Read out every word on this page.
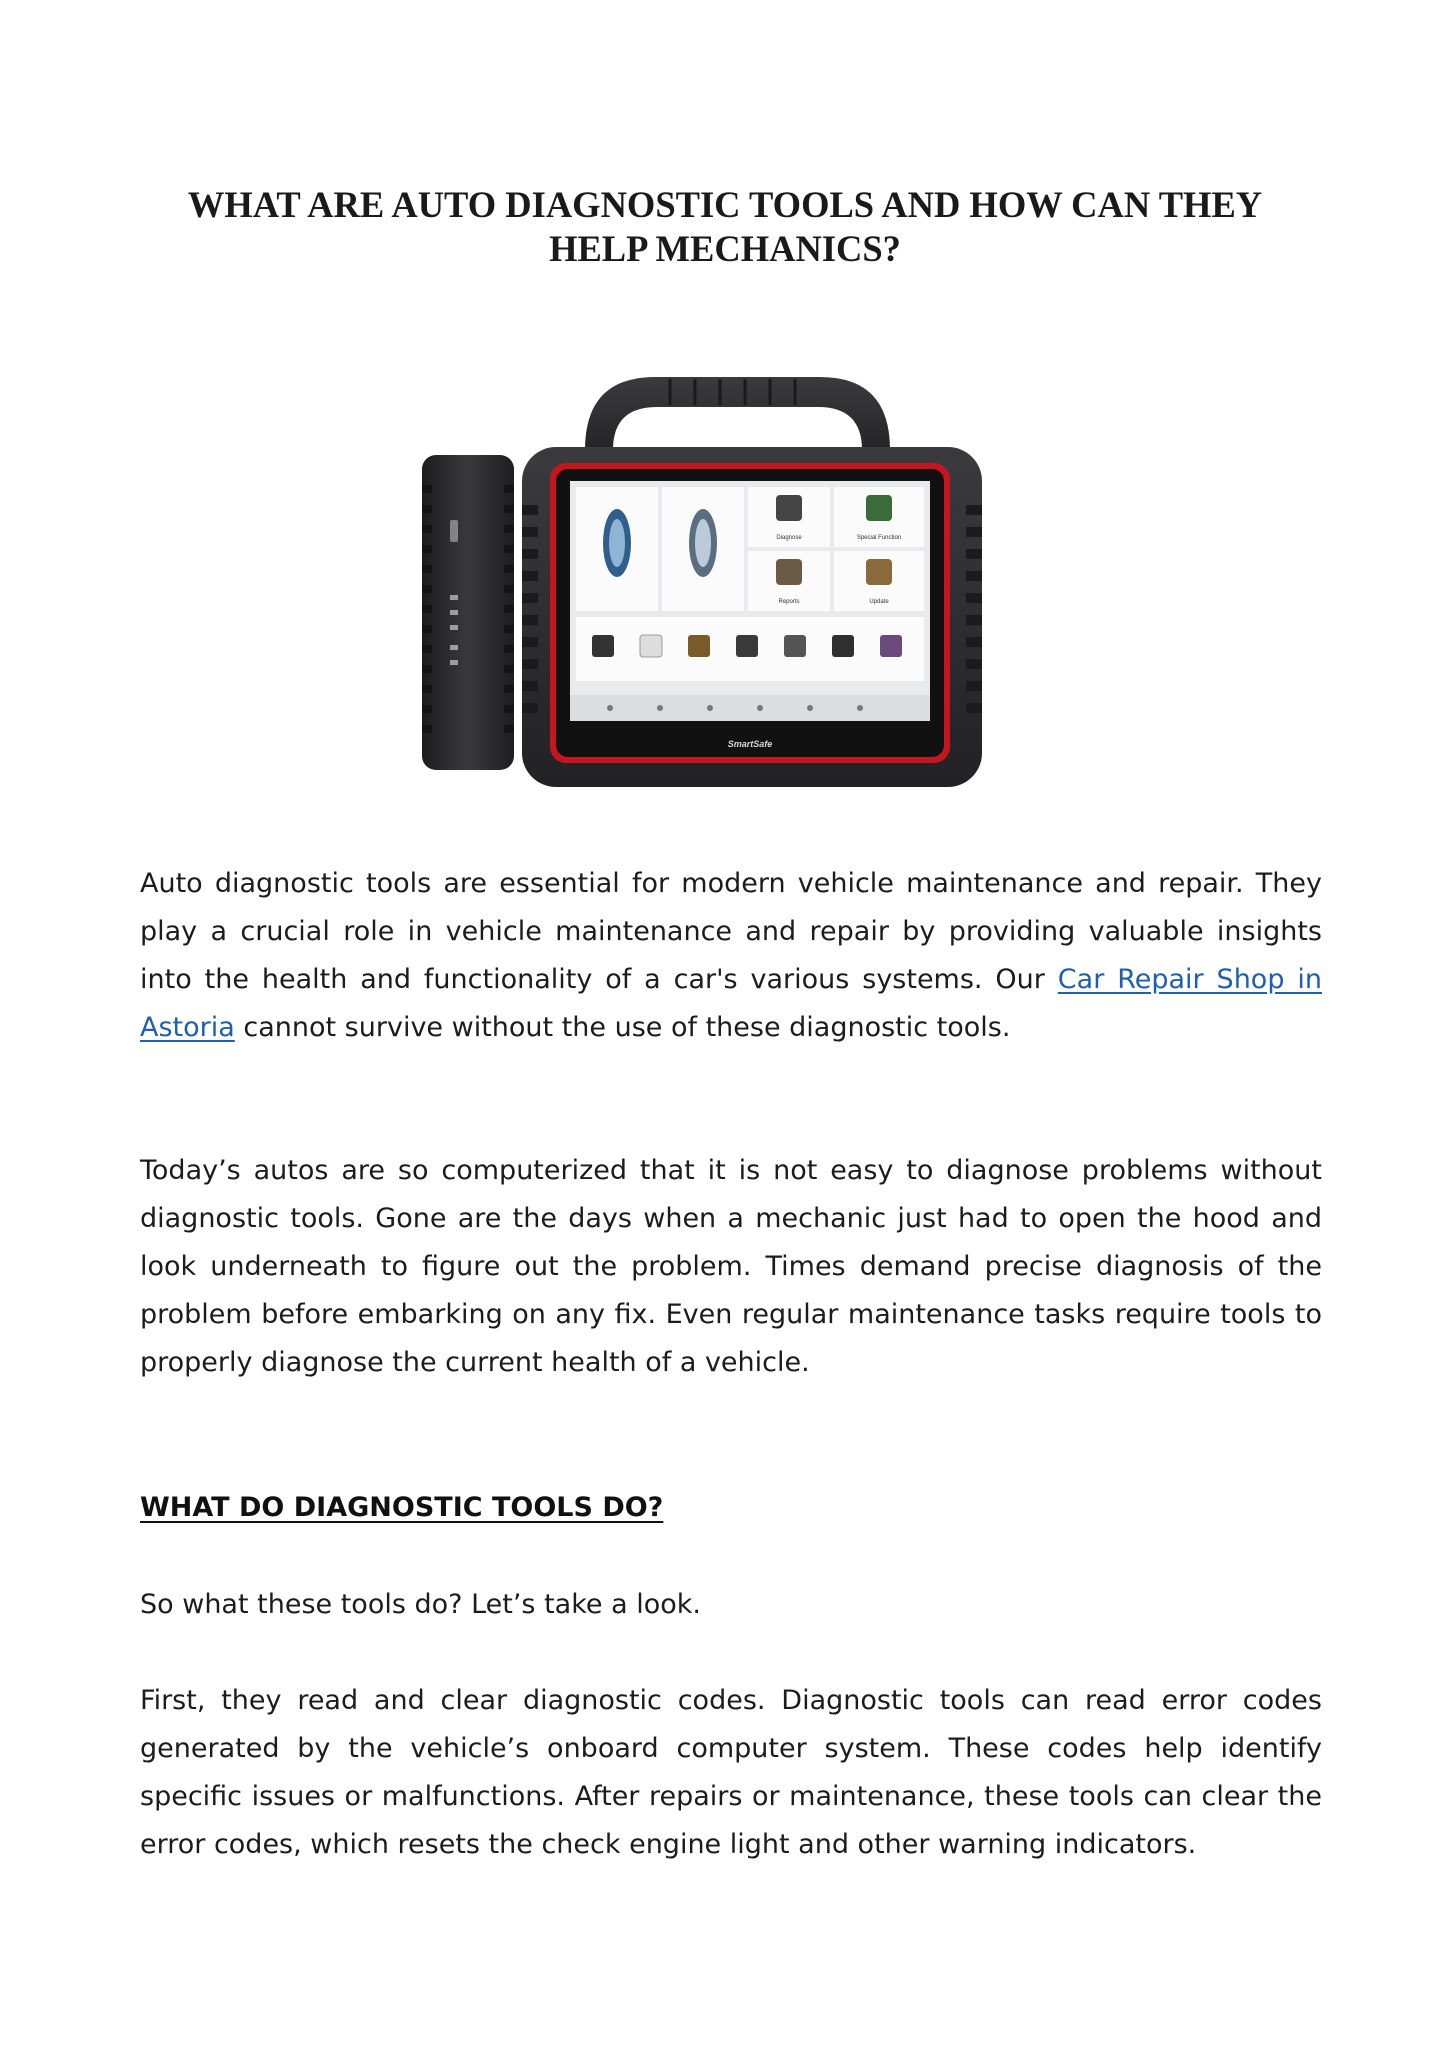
WHAT ARE AUTO DIAGNOSTIC TOOLS AND HOW CAN THEY
HELP MECHANICS?
Diagnose	Special Function
Reports	Update
SmartSafe

Auto diagnostic tools are essential for modern vehicle maintenance and repair. They play a crucial role in vehicle maintenance and repair by providing valuable insights into the health and functionality of a car's various systems. Our Car Repair Shop in Astoria cannot survive without the use of these diagnostic tools.

Today’s autos are so computerized that it is not easy to diagnose problems without diagnostic tools. Gone are the days when a mechanic just had to open the hood and look underneath to figure out the problem. Times demand precise diagnosis of the problem before embarking on any fix. Even regular maintenance tasks require tools to properly diagnose the current health of a vehicle.

WHAT DO DIAGNOSTIC TOOLS DO?

So what these tools do? Let’s take a look.

First, they read and clear diagnostic codes. Diagnostic tools can read error codes generated by the vehicle’s onboard computer system. These codes help identify specific issues or malfunctions. After repairs or maintenance, these tools can clear the error codes, which resets the check engine light and other warning indicators.
